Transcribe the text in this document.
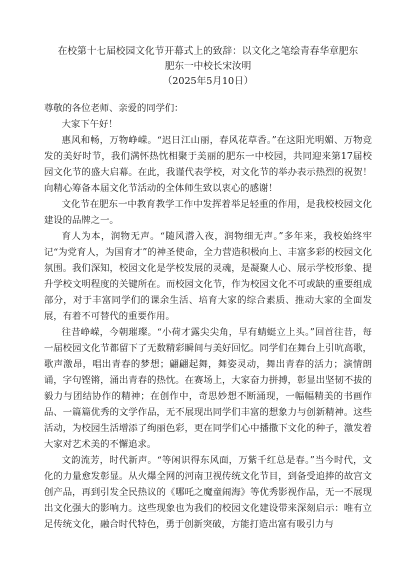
在校第十七届校园文化节开幕式上的致辞：以文化之笔绘青春华章肥东

肥东一中校长宋汝明

（2025年5月10日）

尊敬的各位老师、亲爱的同学们：

大家下午好！

惠风和畅，万物峥嵘。“迟日江山丽，春风花草香。”在这阳光明媚、万物竞发的美好时节，我们满怀热忱相聚于美丽的肥东一中校园，共同迎来第17届校园文化节的盛大启幕。在此，我谨代表学校，对文化节的举办表示热烈的祝贺！向精心筹备本届文化节活动的全体师生致以衷心的感谢！

文化节在肥东一中教育教学工作中发挥着举足轻重的作用，是我校校园文化建设的品牌之一。

育人为本，润物无声。“随风潜入夜，润物细无声。”多年来，我校始终牢记“为党育人，为国育才”的神圣使命，全力营造积极向上、丰富多彩的校园文化氛围。我们深知，校园文化是学校发展的灵魂，是凝聚人心、展示学校形象、提升学校文明程度的关键所在。而校园文化节，作为校园文化不可或缺的重要组成部分，对于丰富同学们的课余生活、培育大家的综合素质、推动大家的全面发展，有着不可替代的重要作用。

往昔峥嵘，今朝璀璨。“小荷才露尖尖角，早有蜻蜓立上头。”回首往昔，每一届校园文化节都留下了无数精彩瞬间与美好回忆。同学们在舞台上引吭高歌，歌声激昂，唱出青春的梦想；翩翩起舞，舞姿灵动，舞出青春的活力；演情朗诵，字句铿锵，涌出青春的热忱。在赛场上，大家奋力拼搏，彰显出坚韧不拔的毅力与团结协作的精神；在创作中，奇思妙想不断涌现，一幅幅精美的书画作品、一篇篇优秀的文学作品，无不展现出同学们丰富的想象力与创新精神。这些活动，为校园生活增添了绚丽色彩，更在同学们心中播撒下文化的种子，激发着大家对艺术美的不懈追求。

文韵流芳，时代新声。“等闲识得东风面，万紫千红总是春。”当今时代，文化的力量愈发彰显。从火爆全网的河南卫视传统文化节目，到备受追捧的故宫文创产品，再到引发全民热议的《哪吒之魔童闹海》等优秀影视作品，无一不展现出文化强大的影响力。这些现象也为我们的校园文化建设带来深刻启示：唯有立足传统文化，融合时代特色，勇于创新突破，方能打造出富有吸引力与
